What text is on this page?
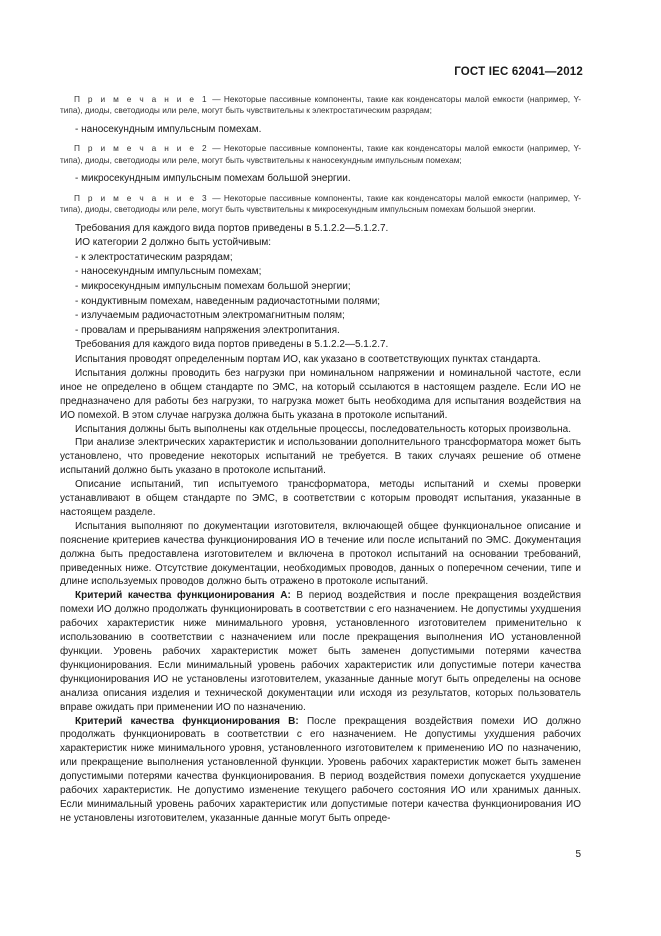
ГОСТ IEC 62041—2012

П р и м е ч а н и е 1 — Некоторые пассивные компоненты, такие как конденсаторы малой емкости (например, Y-типа), диоды, светодиоды или реле, могут быть чувствительны к электростатическим разрядам;

- наносекундным импульсным помехам.

П р и м е ч а н и е 2 — Некоторые пассивные компоненты, такие как конденсаторы малой емкости (например, Y-типа), диоды, светодиоды или реле, могут быть чувствительны к наносекундным импульсным помехам;

- микросекундным импульсным помехам большой энергии.

П р и м е ч а н и е 3 — Некоторые пассивные компоненты, такие как конденсаторы малой емкости (например, Y-типа), диоды, светодиоды или реле, могут быть чувствительны к микросекундным импульсным помехам большой энергии.

Требования для каждого вида портов приведены в 5.1.2.2—5.1.2.7.

ИО категории 2 должно быть устойчивым:

- к электростатическим разрядам;

- наносекундным импульсным помехам;

- микросекундным импульсным помехам большой энергии;

- кондуктивным помехам, наведенным радиочастотными полями;

- излучаемым радиочастотным электромагнитным полям;

- провалам и прерываниям напряжения электропитания.

Требования для каждого вида портов приведены в 5.1.2.2—5.1.2.7.

Испытания проводят определенным портам ИО, как указано в соответствующих пунктах стандарта.

Испытания должны проводить без нагрузки при номинальном напряжении и номинальной частоте, если иное не определено в общем стандарте по ЭМС, на который ссылаются в настоящем разделе. Если ИО не предназначено для работы без нагрузки, то нагрузка может быть необходима для испытания воздействия на ИО помехой. В этом случае нагрузка должна быть указана в протоколе испытаний.

Испытания должны быть выполнены как отдельные процессы, последовательность которых произвольна.

При анализе электрических характеристик и использовании дополнительного трансформатора может быть установлено, что проведение некоторых испытаний не требуется. В таких случаях решение об отмене испытаний должно быть указано в протоколе испытаний.

Описание испытаний, тип испытуемого трансформатора, методы испытаний и схемы проверки устанавливают в общем стандарте по ЭМС, в соответствии с которым проводят испытания, указанные в настоящем разделе.

Испытания выполняют по документации изготовителя, включающей общее функциональное описание и пояснение критериев качества функционирования ИО в течение или после испытаний по ЭМС. Документация должна быть предоставлена изготовителем и включена в протокол испытаний на основании требований, приведенных ниже. Отсутствие документации, необходимых проводов, данных о поперечном сечении, типе и длине используемых проводов должно быть отражено в протоколе испытаний.

Критерий качества функционирования А: В период воздействия и после прекращения воздействия помехи ИО должно продолжать функционировать в соответствии с его назначением. Не допустимы ухудшения рабочих характеристик ниже минимального уровня, установленного изготовителем применительно к использованию в соответствии с назначением или после прекращения выполнения ИО установленной функции. Уровень рабочих характеристик может быть заменен допустимыми потерями качества функционирования. Если минимальный уровень рабочих характеристик или допустимые потери качества функционирования ИО не установлены изготовителем, указанные данные могут быть определены на основе анализа описания изделия и технической документации или исходя из результатов, которых пользователь вправе ожидать при применении ИО по назначению.

Критерий качества функционирования В: После прекращения воздействия помехи ИО должно продолжать функционировать в соответствии с его назначением. Не допустимы ухудшения рабочих характеристик ниже минимального уровня, установленного изготовителем к применению ИО по назначению, или прекращение выполнения установленной функции. Уровень рабочих характеристик может быть заменен допустимыми потерями качества функционирования. В период воздействия помехи допускается ухудшение рабочих характеристик. Не допустимо изменение текущего рабочего состояния ИО или хранимых данных. Если минимальный уровень рабочих характеристик или допустимые потери качества функционирования ИО не установлены изготовителем, указанные данные могут быть опреде-

5
